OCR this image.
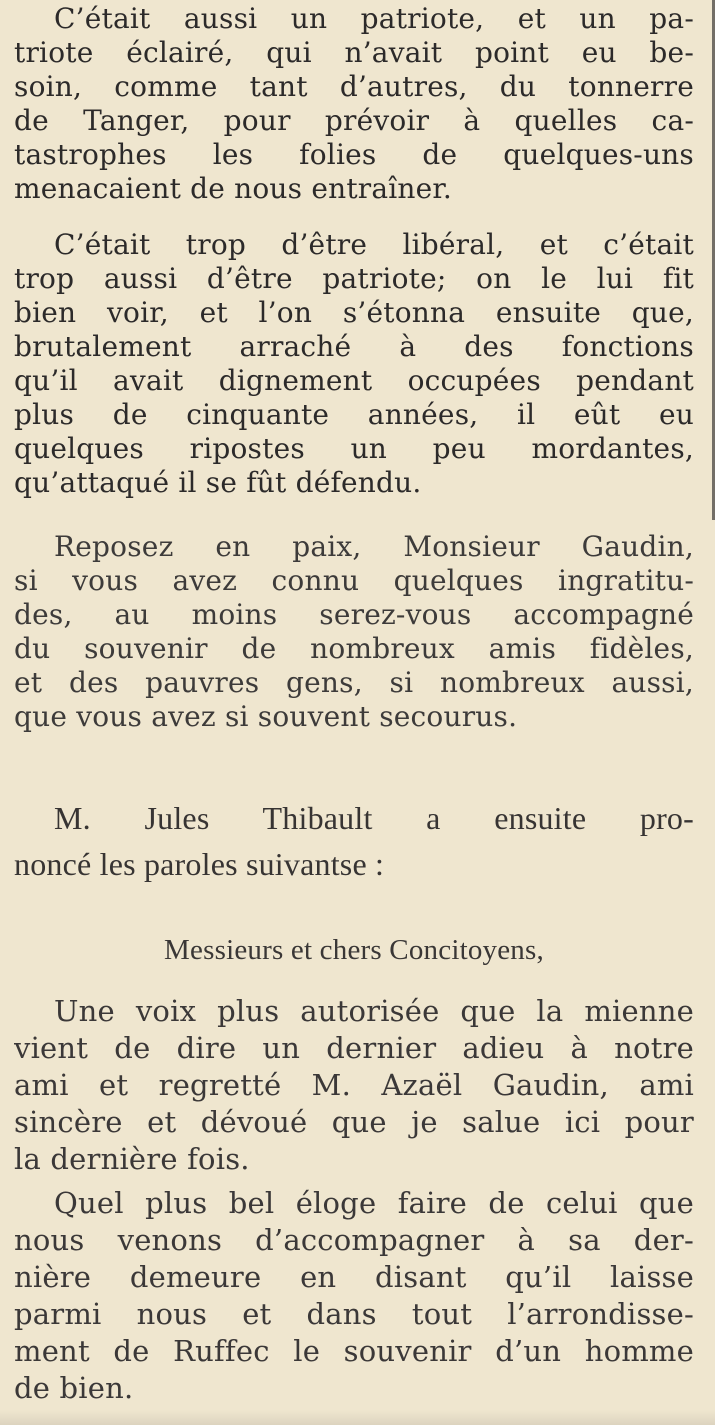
C’était aussi un patriote, et un pa-
triote éclairé, qui n’avait point eu be-
soin, comme tant d’autres, du tonnerre
de Tanger, pour prévoir à quelles ca-
tastrophes les folies de quelques-uns
menacaient de nous entraîner.
C’était trop d’être libéral, et c’était
trop aussi d’être patriote; on le lui fit
bien voir, et l’on s’étonna ensuite que,
brutalement arraché à des fonctions
qu’il avait dignement occupées pendant
plus de cinquante années, il eût eu
quelques ripostes un peu mordantes,
qu’attaqué il se fût défendu.
Reposez en paix, Monsieur Gaudin,
si vous avez connu quelques ingratitu-
des, au moins serez-vous accompagné
du souvenir de nombreux amis fidèles,
et des pauvres gens, si nombreux aussi,
que vous avez si souvent secourus.
M. Jules Thibault a ensuite pro-
noncé les paroles suivantse :
Messieurs et chers Concitoyens,
Une voix plus autorisée que la mienne
vient de dire un dernier adieu à notre
ami et regretté M. Azaël Gaudin, ami
sincère et dévoué que je salue ici pour
la dernière fois.
Quel plus bel éloge faire de celui que
nous venons d’accompagner à sa der-
nière demeure en disant qu’il laisse
parmi nous et dans tout l’arrondisse-
ment de Ruffec le souvenir d’un homme
de bien.
